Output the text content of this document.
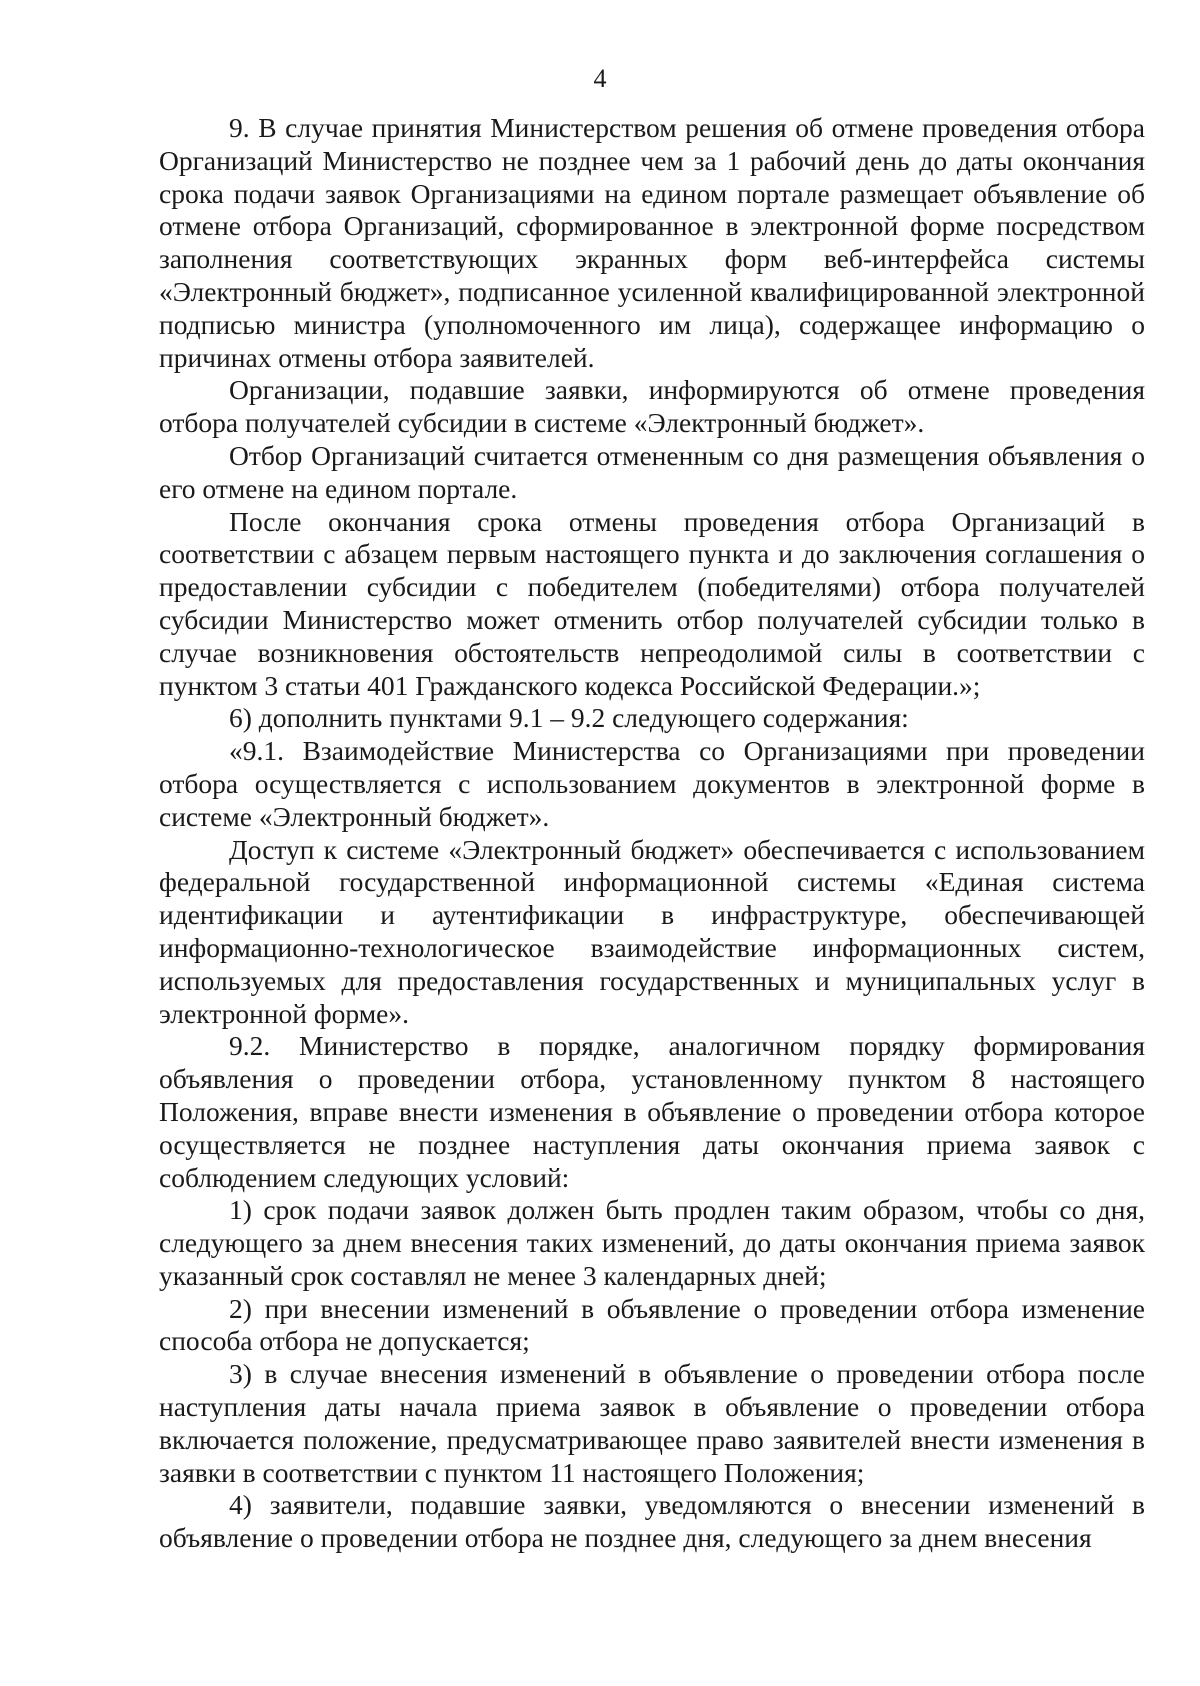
4

9. В случае принятия Министерством решения об отмене проведения отбора Организаций Министерство не позднее чем за 1 рабочий день до даты окончания срока подачи заявок Организациями на едином портале размещает объявление об отмене отбора Организаций, сформированное в электронной форме посредством заполнения соответствующих экранных форм веб-интерфейса системы «Электронный бюджет», подписанное усиленной квалифицированной электронной подписью министра (уполномоченного им лица), содержащее информацию о причинах отмены отбора заявителей.

Организации, подавшие заявки, информируются об отмене проведения отбора получателей субсидии в системе «Электронный бюджет».

Отбор Организаций считается отмененным со дня размещения объявления о его отмене на едином портале.

После окончания срока отмены проведения отбора Организаций в соответствии с абзацем первым настоящего пункта и до заключения соглашения о предоставлении субсидии с победителем (победителями) отбора получателей субсидии Министерство может отменить отбор получателей субсидии только в случае возникновения обстоятельств непреодолимой силы в соответствии с пунктом 3 статьи 401 Гражданского кодекса Российской Федерации.»;

6) дополнить пунктами 9.1 – 9.2 следующего содержания:

«9.1. Взаимодействие Министерства со Организациями при проведении отбора осуществляется с использованием документов в электронной форме в системе «Электронный бюджет».

Доступ к системе «Электронный бюджет» обеспечивается с использованием федеральной государственной информационной системы «Единая система идентификации и аутентификации в инфраструктуре, обеспечивающей информационно-технологическое взаимодействие информационных систем, используемых для предоставления государственных и муниципальных услуг в электронной форме».

9.2. Министерство в порядке, аналогичном порядку формирования объявления о проведении отбора, установленному пунктом 8 настоящего Положения, вправе внести изменения в объявление о проведении отбора которое осуществляется не позднее наступления даты окончания приема заявок с соблюдением следующих условий:

1) срок подачи заявок должен быть продлен таким образом, чтобы со дня, следующего за днем внесения таких изменений, до даты окончания приема заявок указанный срок составлял не менее 3 календарных дней;

2) при внесении изменений в объявление о проведении отбора изменение способа отбора не допускается;

3) в случае внесения изменений в объявление о проведении отбора после наступления даты начала приема заявок в объявление о проведении отбора включается положение, предусматривающее право заявителей внести изменения в заявки в соответствии с пунктом 11 настоящего Положения;

4) заявители, подавшие заявки, уведомляются о внесении изменений в объявление о проведении отбора не позднее дня, следующего за днем внесения
